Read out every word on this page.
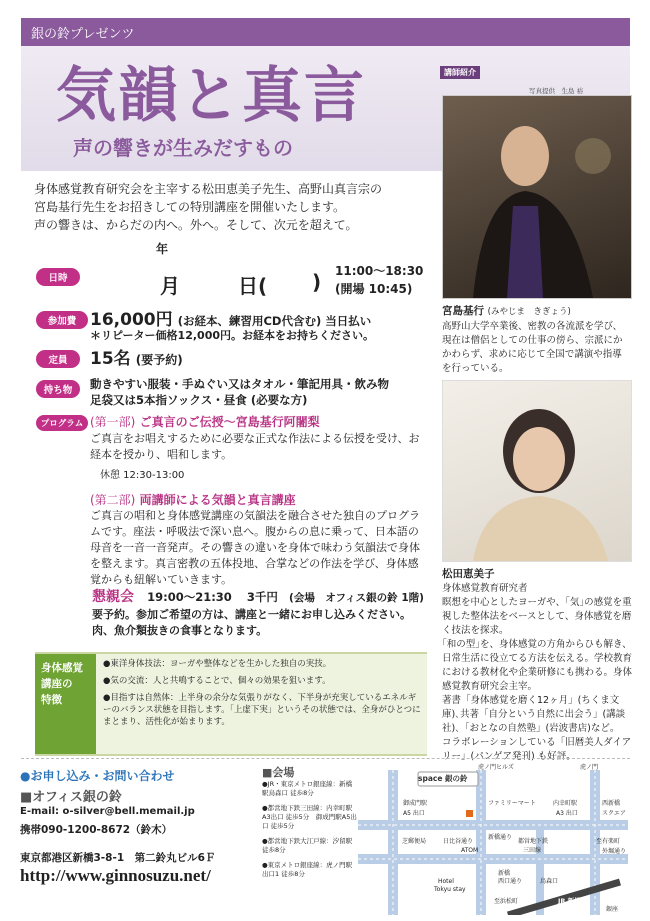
銀の鈴プレゼンツ
気韻と真言
声の響きが生みだすもの
講師紹介
写真提供　生島 裕
宮島基行 (みやじま　きぎょう)
高野山大学卒業後、密教の各流派を学び、現在は僧侶としての仕事の傍ら、宗派にかかわらず、求めに応じて全国で講演や指導を行っている。
松田恵美子
身体感覚教育研究者
瞑想を中心としたヨーガや、｢気｣の感覚を重視した整体法をベースとして、身体感覚を磨く技法を探求。
｢和の型｣を、身体感覚の方角からひも解き、日常生活に役立てる方法を伝える。学校教育における教材化や企業研修にも携わる。身体感覚教育研究会主宰。
著書「身体感覚を磨く12ヶ月」(ちくま文庫)､共著「自分という自然に出会う」(講談社)､「おとなの自然塾」(岩波書店)など。
コラボレーションしている「旧暦美人ダイアリー」(パンゲア発刊) も好評。
身体感覚教育研究会を主宰する松田恵美子先生、高野山真言宗の
宮島基行先生をお招きしての特別講座を開催いたします。
声の響きは、からだの内へ。外へ。そして、次元を超えて。
日時
年
月	日( ) 11:00～18:30
(開場 10:45)
参加費 16,000円 (お経本、練習用CD代含む) 当日払い
＊リピーター価格12,000円。お経本をお持ちください。
定員	15名 (要予約)
持ち物	動きやすい服装・手ぬぐい又はタオル・筆記用具・飲み物
足袋又は5本指ソックス・昼食 (必要な方)
プログラム (第一部) ご真言のご伝授～宮島基行阿闍梨
ご真言をお唱えするために必要な正式な作法による伝授を受け、お経本を授かり、唱和します。
休憩 12:30-13:00
(第二部) 両講師による気韻と真言講座
ご真言の唱和と身体感覚講座の気韻法を融合させた独自のプログラムです。座法・呼吸法で深い息へ。腹からの息に乗って、日本語の母音を一音一音発声。その響きの違いを身体で味わう気韻法で身体を整えます。真言密教の五体投地、合掌などの作法を学び、身体感覚からも紐解いていきます。
懇親会 19:00～21:30 3千円 (会場　オフィス銀の鈴 1階)
要予約。参加ご希望の方は、講座と一緒にお申し込みください。
肉、魚介類抜きの食事となります。
身体感覚
講座の
特徴
●東洋身体技法：ヨーガや整体などを生かした独自の実技。
●気の交流：人と共鳴することで、個々の効果を狙います。
●目指すは自然体：上半身の余分な気張りがなく、下半身が充実しているエネルギーのバランス状態を目指します。「上虚下実」というその状態では、全身がひとつにまとまり、活性化が始まります。
●お申し込み・お問い合わせ
■オフィス銀の鈴
E-mail: o-silver@bell.memail.jp
携帯090-1200-8672（鈴木）
東京都港区新橋3-8-1　第二鈴丸ビル6Ｆ
http://www.ginnosuzu.net/
■会場
●JR・東京メトロ銀座線：新橋駅烏森口 徒歩8分
●都営地下鉄三田線：内幸町駅A3出口 徒歩5分　御成門駅A5出口 徒歩5分
●都営地下鉄大江戸線：汐留駅 徒歩8分
●東京メトロ銀座線：虎ノ門駅出口1 徒歩8分
space 銀の鈴
虎ノ門ヒルズ	虎ノ門
御成門駅
A5 出口
ファミリーマート	内幸町駅
A3 出口
西新橋
スクエア
芝郵便局	日比谷通り
ATOM
新橋通り
都営地下鉄
三田線
至有楽町
外堀通り
Hotel
Tokyu stay
新橋
西口通り	烏森口
至浜松町	JR 新橋駅
銀座
